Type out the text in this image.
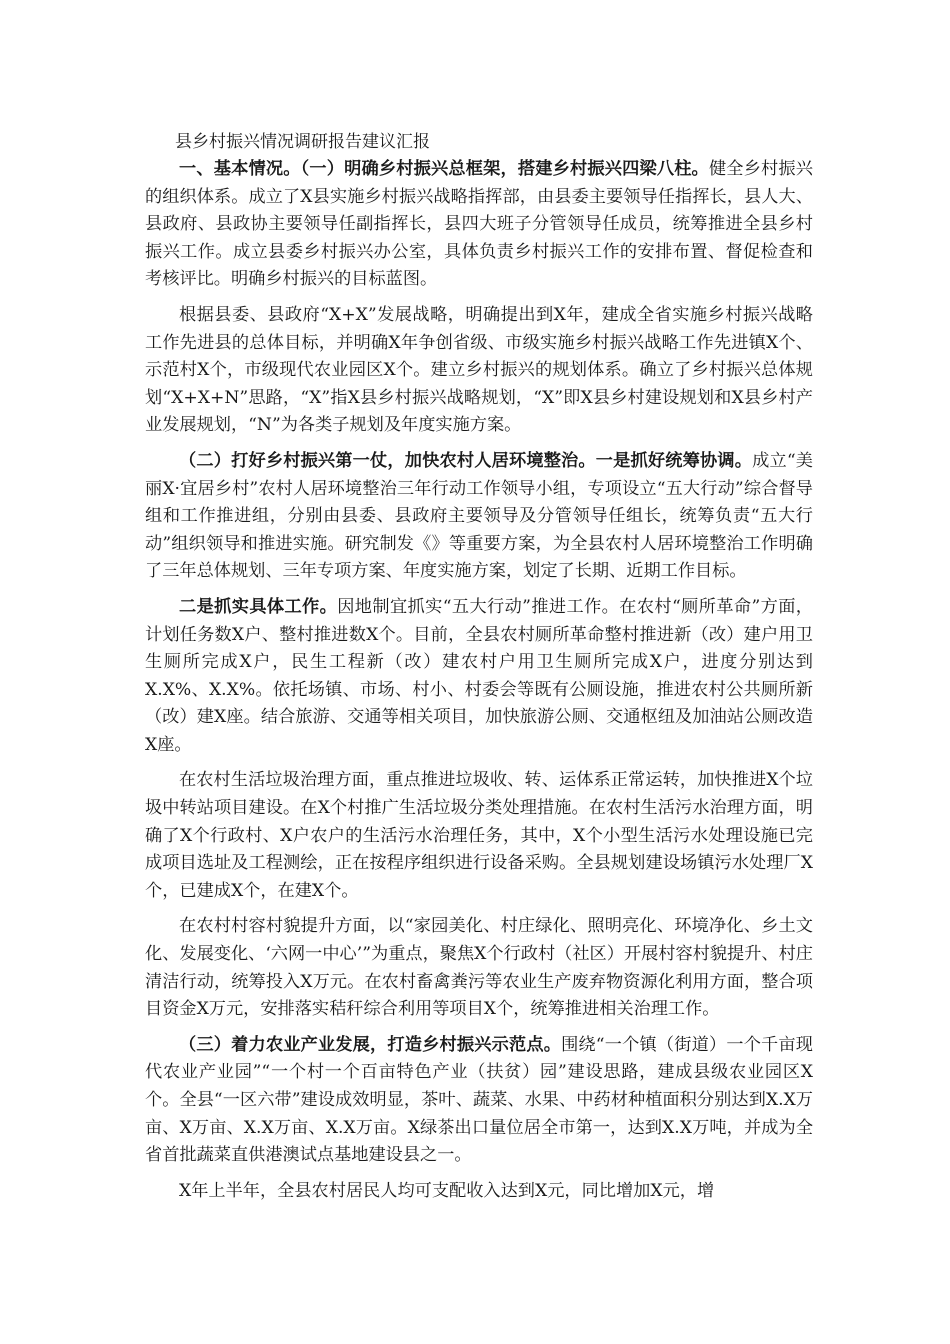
县乡村振兴情况调研报告建议汇报

一、基本情况。（一）明确乡村振兴总框架，搭建乡村振兴四梁八柱。健全乡村振兴的组织体系。成立了X县实施乡村振兴战略指挥部，由县委主要领导任指挥长，县人大、县政府、县政协主要领导任副指挥长，县四大班子分管领导任成员，统筹推进全县乡村振兴工作。成立县委乡村振兴办公室，具体负责乡村振兴工作的安排布置、督促检查和考核评比。明确乡村振兴的目标蓝图。

根据县委、县政府“X+X”发展战略，明确提出到X年，建成全省实施乡村振兴战略工作先进县的总体目标，并明确X年争创省级、市级实施乡村振兴战略工作先进镇X个、示范村X个，市级现代农业园区X个。建立乡村振兴的规划体系。确立了乡村振兴总体规划“X+X+N”思路，“X”指X县乡村振兴战略规划，“X”即X县乡村建设规划和X县乡村产业发展规划，“N”为各类子规划及年度实施方案。

（二）打好乡村振兴第一仗，加快农村人居环境整治。一是抓好统筹协调。成立“美丽X·宜居乡村”农村人居环境整治三年行动工作领导小组，专项设立“五大行动”综合督导组和工作推进组，分别由县委、县政府主要领导及分管领导任组长，统筹负责“五大行动”组织领导和推进实施。研究制发《》等重要方案，为全县农村人居环境整治工作明确了三年总体规划、三年专项方案、年度实施方案，划定了长期、近期工作目标。

二是抓实具体工作。因地制宜抓实“五大行动”推进工作。在农村“厕所革命”方面，计划任务数X户、整村推进数X个。目前，全县农村厕所革命整村推进新（改）建户用卫生厕所完成X户，民生工程新（改）建农村户用卫生厕所完成X户，进度分别达到X.X%、X.X%。依托场镇、市场、村小、村委会等既有公厕设施，推进农村公共厕所新（改）建X座。结合旅游、交通等相关项目，加快旅游公厕、交通枢纽及加油站公厕改造X座。

在农村生活垃圾治理方面，重点推进垃圾收、转、运体系正常运转，加快推进X个垃圾中转站项目建设。在X个村推广生活垃圾分类处理措施。在农村生活污水治理方面，明确了X个行政村、X户农户的生活污水治理任务，其中，X个小型生活污水处理设施已完成项目选址及工程测绘，正在按程序组织进行设备采购。全县规划建设场镇污水处理厂X个，已建成X个，在建X个。

在农村村容村貌提升方面，以“家园美化、村庄绿化、照明亮化、环境净化、乡土文化、发展变化、‘六网一中心’”为重点，聚焦X个行政村（社区）开展村容村貌提升、村庄清洁行动，统筹投入X万元。在农村畜禽粪污等农业生产废弃物资源化利用方面，整合项目资金X万元，安排落实秸秆综合利用等项目X个，统筹推进相关治理工作。

（三）着力农业产业发展，打造乡村振兴示范点。围绕“一个镇（街道）一个千亩现代农业产业园”“一个村一个百亩特色产业（扶贫）园”建设思路，建成县级农业园区X个。全县“一区六带”建设成效明显，茶叶、蔬菜、水果、中药材种植面积分别达到X.X万亩、X万亩、X.X万亩、X.X万亩。X绿茶出口量位居全市第一，达到X.X万吨，并成为全省首批蔬菜直供港澳试点基地建设县之一。

X年上半年，全县农村居民人均可支配收入达到X元，同比增加X元，增
